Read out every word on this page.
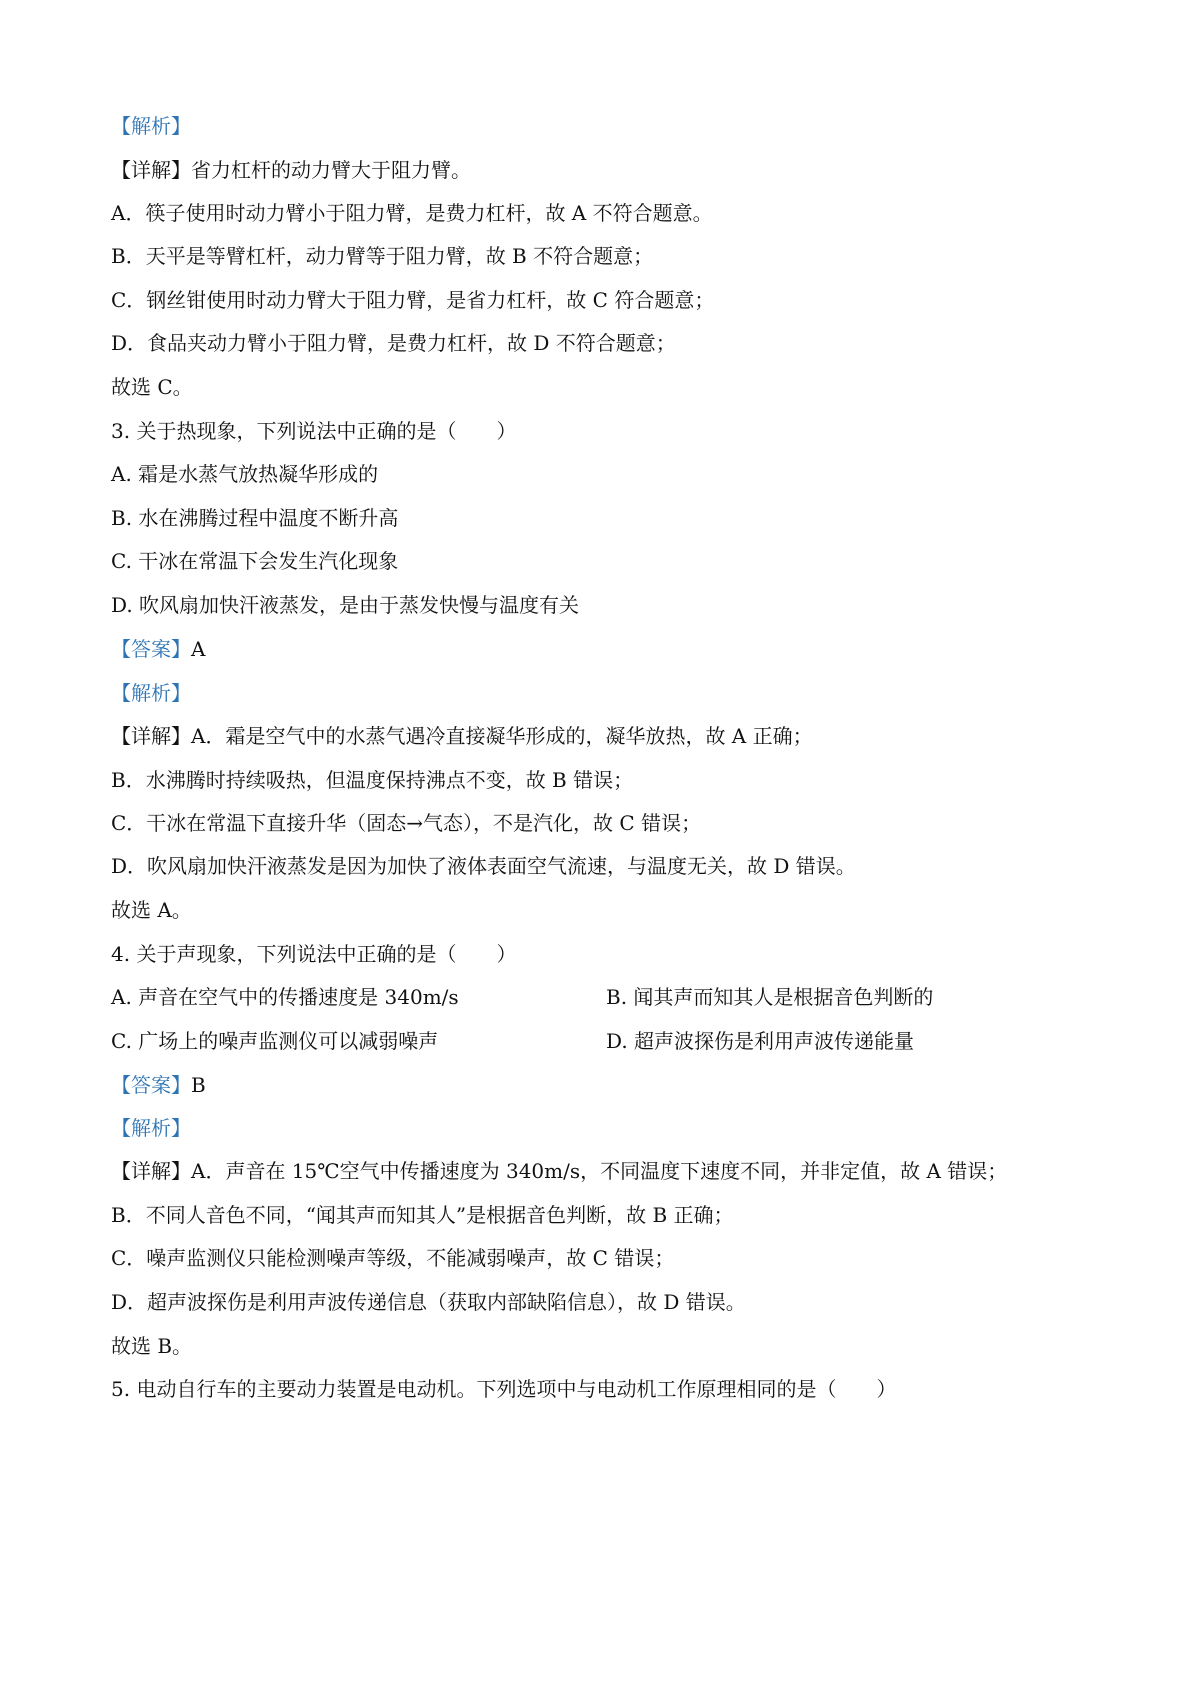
【解析】
【详解】省力杠杆的动力臂大于阻力臂。
A．筷子使用时动力臂小于阻力臂，是费力杠杆，故 A 不符合题意。
B．天平是等臂杠杆，动力臂等于阻力臂，故 B 不符合题意；
C．钢丝钳使用时动力臂大于阻力臂，是省力杠杆，故 C 符合题意；
D．食品夹动力臂小于阻力臂，是费力杠杆，故 D 不符合题意；
故选 C。
3. 关于热现象，下列说法中正确的是（　　）
A. 霜是水蒸气放热凝华形成的
B. 水在沸腾过程中温度不断升高
C. 干冰在常温下会发生汽化现象
D. 吹风扇加快汗液蒸发，是由于蒸发快慢与温度有关
【答案】A
【解析】
【详解】A．霜是空气中的水蒸气遇冷直接凝华形成的，凝华放热，故 A 正确；
B．水沸腾时持续吸热，但温度保持沸点不变，故 B 错误；
C．干冰在常温下直接升华（固态→气态），不是汽化，故 C 错误；
D．吹风扇加快汗液蒸发是因为加快了液体表面空气流速，与温度无关，故 D 错误。
故选 A。
4. 关于声现象，下列说法中正确的是（　　）
A. 声音在空气中的传播速度是 340m/s	B. 闻其声而知其人是根据音色判断的
C. 广场上的噪声监测仪可以减弱噪声	D. 超声波探伤是利用声波传递能量
【答案】B
【解析】
【详解】A．声音在 15℃空气中传播速度为 340m/s，不同温度下速度不同，并非定值，故 A 错误；
B．不同人音色不同，“闻其声而知其人”是根据音色判断，故 B 正确；
C．噪声监测仪只能检测噪声等级，不能减弱噪声，故 C 错误；
D．超声波探伤是利用声波传递信息（获取内部缺陷信息），故 D 错误。
故选 B。
5. 电动自行车的主要动力装置是电动机。下列选项中与电动机工作原理相同的是（　　）
